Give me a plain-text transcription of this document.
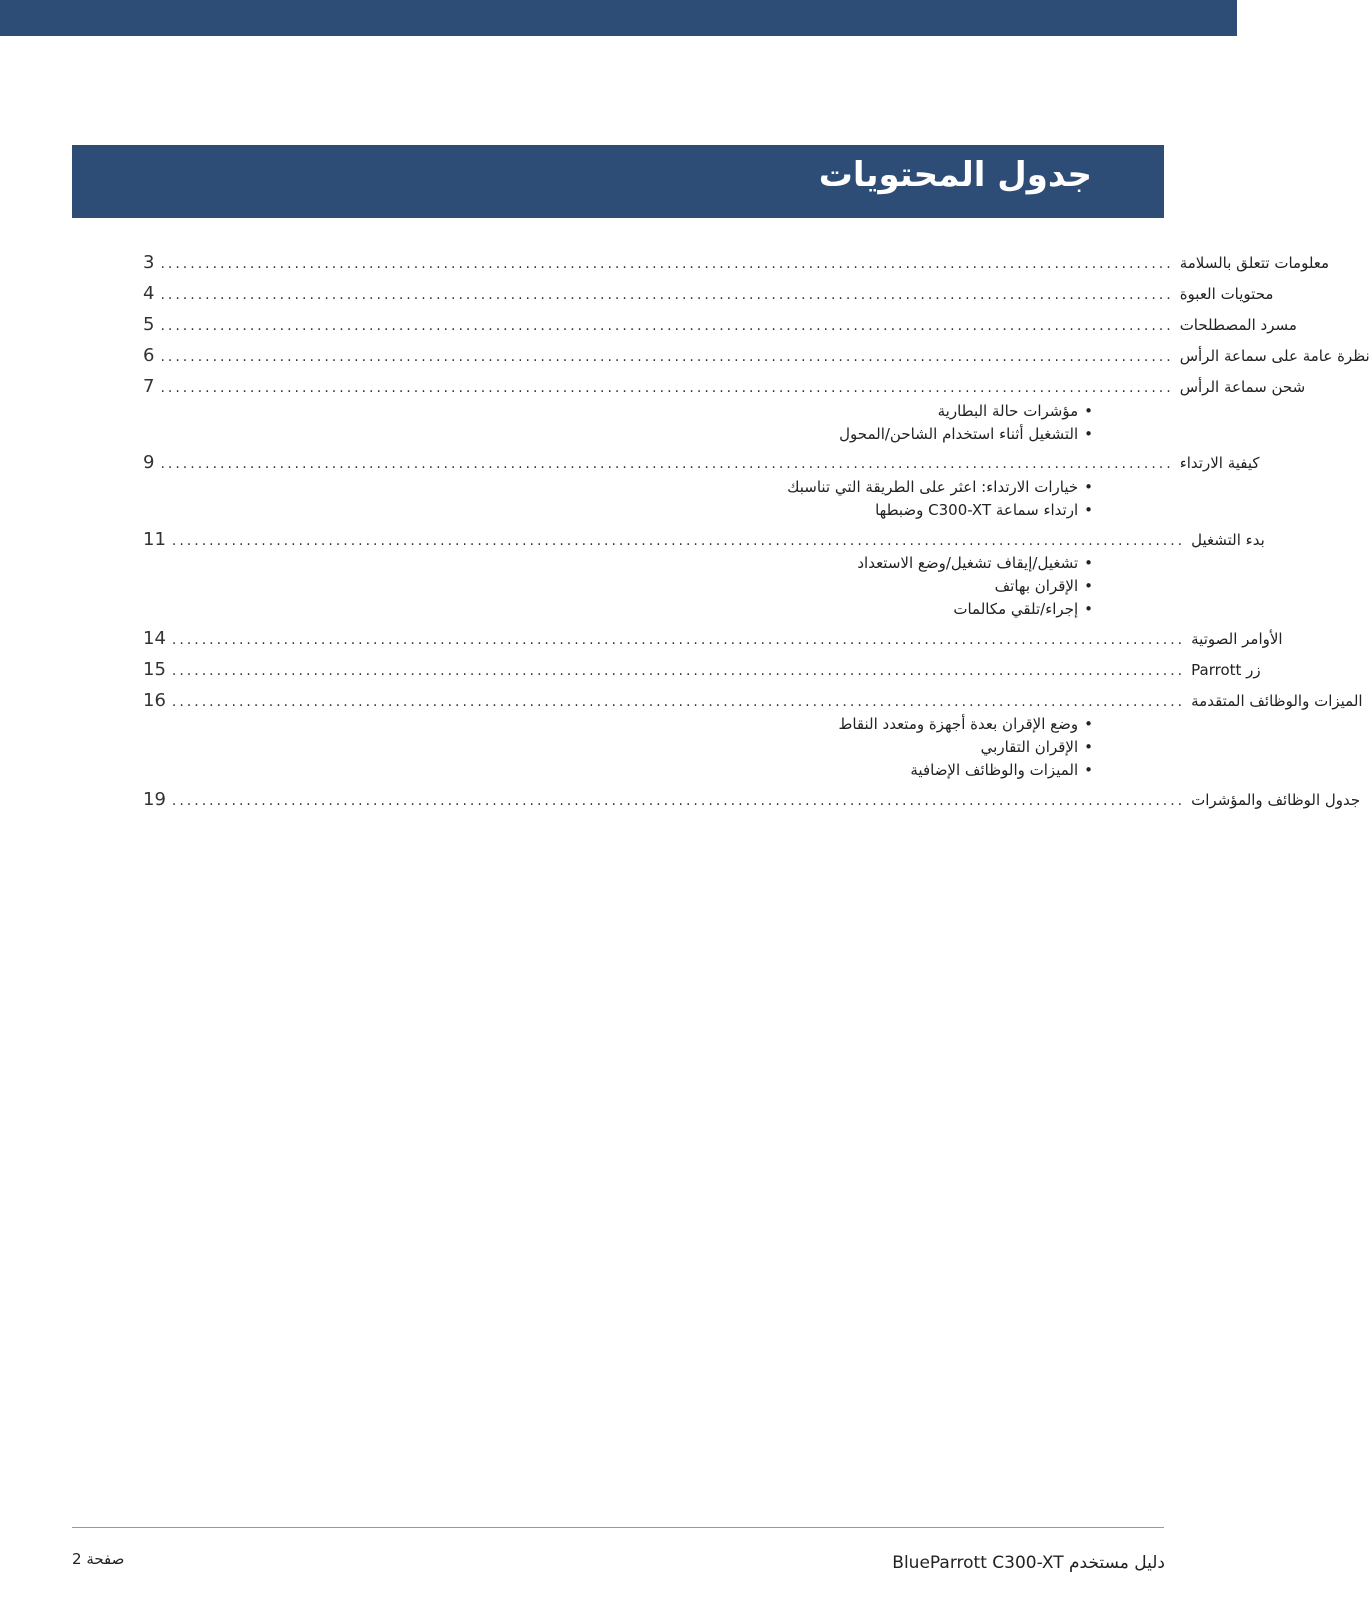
جدول المحتويات
3 ........................................................................................................................................ معلومات تتعلق بالسلامة
4 ........................................................................................................................................ محتويات العبوة
5 ........................................................................................................................................ مسرد المصطلحات
6 ........................................................................................................................................ نظرة عامة على سماعة الرأس
7 ........................................................................................................................................ شحن سماعة الرأس
•مؤشرات حالة البطارية
•التشغيل أثناء استخدام الشاحن/المحول
9 ........................................................................................................................................ كيفية الارتداء
•خيارات الارتداء: اعثر على الطريقة التي تناسبك
•ارتداء سماعة C300-XT وضبطها
11 ........................................................................................................................................ بدء التشغيل
•تشغيل/إيقاف تشغيل/وضع الاستعداد
•الإقران بهاتف
•إجراء/تلقي مكالمات
14 ........................................................................................................................................ الأوامر الصوتية
15 ........................................................................................................................................ زر Parrott
16 ........................................................................................................................................ الميزات والوظائف المتقدمة
•وضع الإقران بعدة أجهزة ومتعدد النقاط
•الإقران التقاربي
•الميزات والوظائف الإضافية
19 ........................................................................................................................................ جدول الوظائف والمؤشرات
صفحة 2	دليل مستخدم BlueParrott C300-XT
